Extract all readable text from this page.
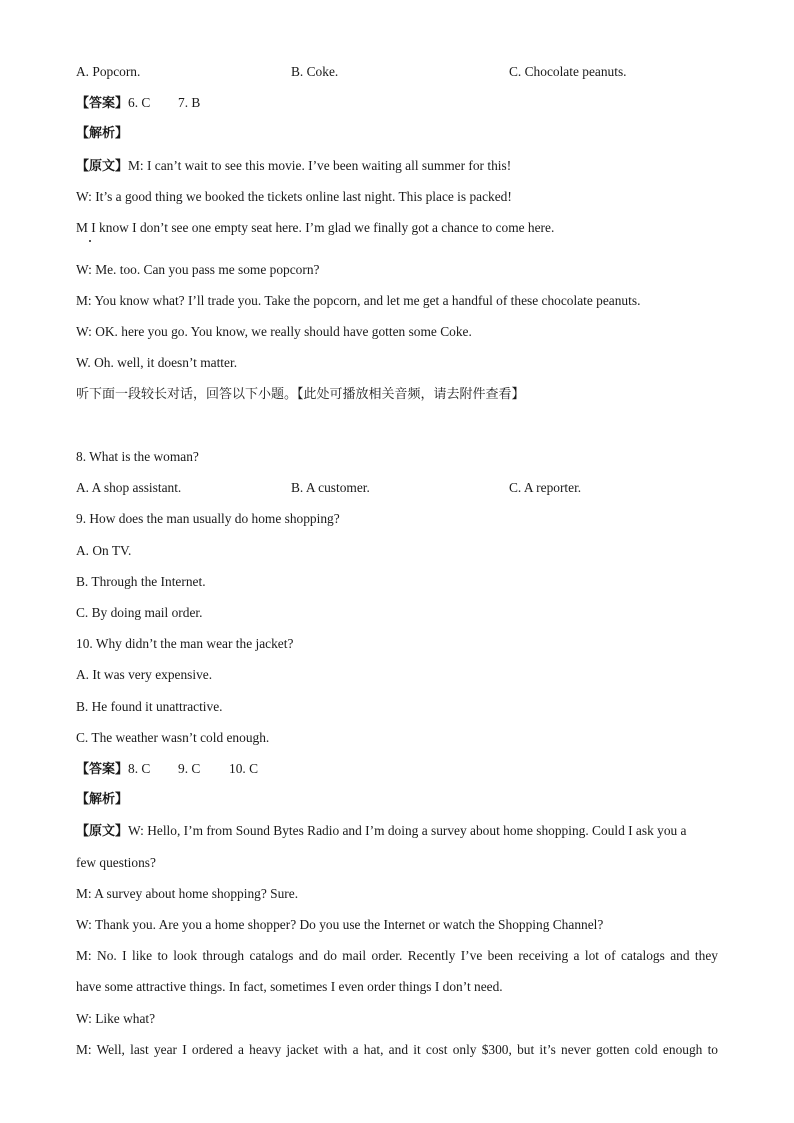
A. Popcorn.	B. Coke.	C. Chocolate peanuts.
【答案】6. C 7. B
【解析】
【原文】M: I can’t wait to see this movie. I’ve been waiting all summer for this!
W: It’s a good thing we booked the tickets online last night. This place is packed!
M I know I don’t see one empty seat here. I’m glad we finally got a chance to come here.
W: Me. too. Can you pass me some popcorn?
M: You know what? I’ll trade you. Take the popcorn, and let me get a handful of these chocolate peanuts.
W: OK. here you go. You know, we really should have gotten some Coke.
W. Oh. well, it doesn’t matter.
听下面一段较长对话，回答以下小题。【此处可播放相关音频，请去附件查看】
8. What is the woman?
A. A shop assistant.	B. A customer.	C. A reporter.
9. How does the man usually do home shopping?
A. On TV.
B. Through the Internet.
C. By doing mail order.
10. Why didn’t the man wear the jacket?
A. It was very expensive.
B. He found it unattractive.
C. The weather wasn’t cold enough.
【答案】8. C 9. C 10. C
【解析】
【原文】W: Hello, I’m from Sound Bytes Radio and I’m doing a survey about home shopping. Could I ask you a
few questions?
M: A survey about home shopping? Sure.
W: Thank you. Are you a home shopper? Do you use the Internet or watch the Shopping Channel?
M: No. I like to look through catalogs and do mail order. Recently I’ve been receiving a lot of catalogs and they
have some attractive things. In fact, sometimes I even order things I don’t need.
W: Like what?
M: Well, last year I ordered a heavy jacket with a hat, and it cost only $300, but it’s never gotten cold enough to
